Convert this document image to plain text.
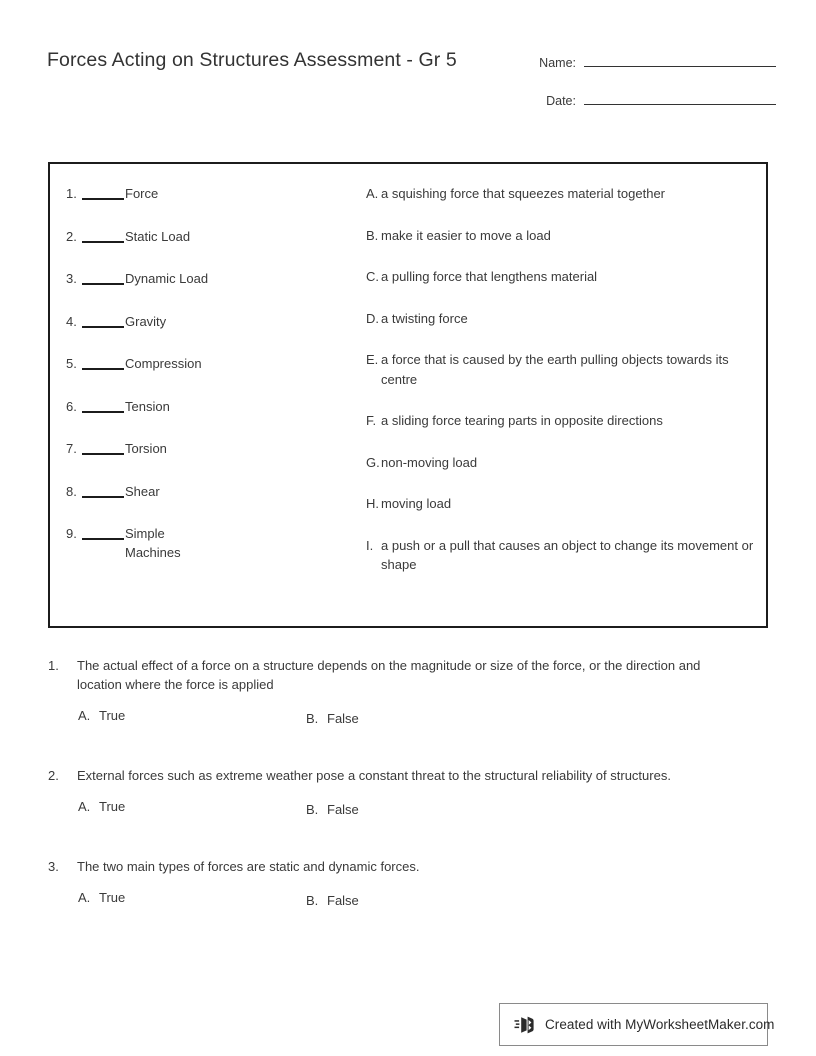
Forces Acting on Structures Assessment - Gr 5	Name:
Date:
1.	Force
2.	Static Load
3.	Dynamic Load
4.	Gravity
5.	Compression
6.	Tension
7.	Torsion
8.	Shear
9.	Simple Machines
A. a squishing force that squeezes material together
B. make it easier to move a load
C. a pulling force that lengthens material
D. a twisting force
E. a force that is caused by the earth pulling objects towards its centre
F. a sliding force tearing parts in opposite directions
G. non-moving load
H. moving load
I. a push or a pull that causes an object to change its movement or shape
1.	The actual effect of a force on a structure depends on the magnitude or size of the force, or the direction and location where the force is applied
A. True	B. False
2.	External forces such as extreme weather pose a constant threat to the structural reliability of structures.
A. True	B. False
3.	The two main types of forces are static and dynamic forces.
A. True	B. False
Created with MyWorksheetMaker.com
